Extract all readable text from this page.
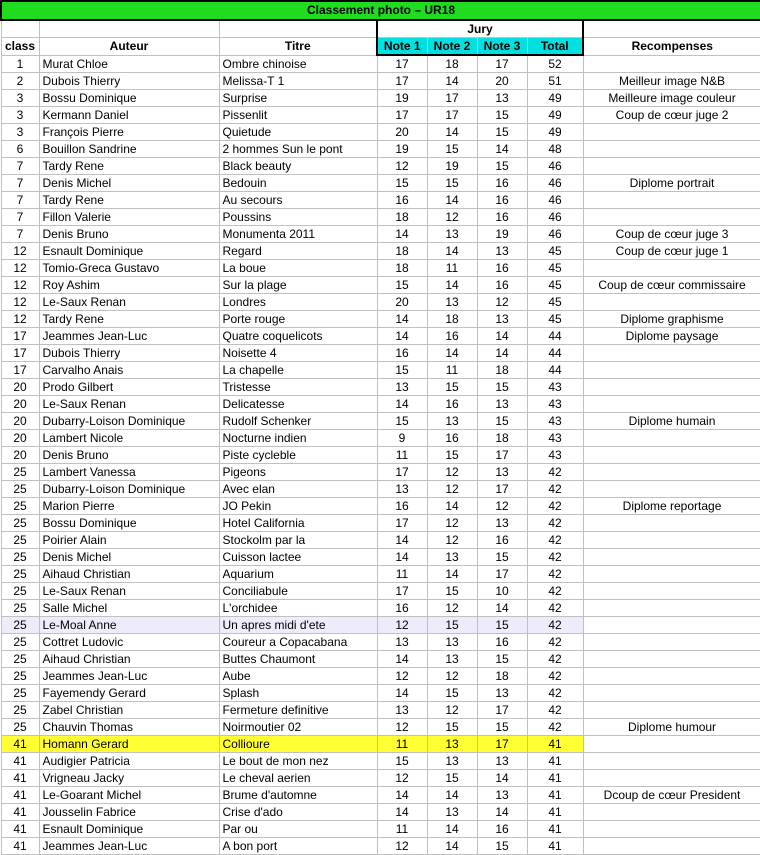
Classement photo – UR18							
			Jury				
class	Auteur	Titre	Note 1	Note 2	Note 3	Total	Recompenses
1	Murat Chloe	Ombre chinoise	17	18	17	52	
2	Dubois Thierry	Melissa-T 1	17	14	20	51	Meilleur image N&B
3	Bossu Dominique	Surprise	19	17	13	49	Meilleure image couleur
3	Kermann Daniel	Pissenlit	17	17	15	49	Coup de cœur juge 2
3	François Pierre	Quietude	20	14	15	49	
6	Bouillon Sandrine	2 hommes Sun le pont	19	15	14	48	
7	Tardy Rene	Black beauty	12	19	15	46	
7	Denis Michel	Bedouin	15	15	16	46	Diplome portrait
7	Tardy Rene	Au secours	16	14	16	46	
7	Fillon Valerie	Poussins	18	12	16	46	
7	Denis Bruno	Monumenta 2011	14	13	19	46	Coup de cœur juge 3
12	Esnault Dominique	Regard	18	14	13	45	Coup de cœur juge 1
12	Tomio-Greca Gustavo	La boue	18	11	16	45	
12	Roy Ashim	Sur la plage	15	14	16	45	Coup de cœur commissaire
12	Le-Saux Renan	Londres	20	13	12	45	
12	Tardy Rene	Porte rouge	14	18	13	45	Diplome graphisme
17	Jeammes Jean-Luc	Quatre coquelicots	14	16	14	44	Diplome paysage
17	Dubois Thierry	Noisette 4	16	14	14	44	
17	Carvalho Anais	La chapelle	15	11	18	44	
20	Prodo Gilbert	Tristesse	13	15	15	43	
20	Le-Saux Renan	Delicatesse	14	16	13	43	
20	Dubarry-Loison Dominique	Rudolf Schenker	15	13	15	43	Diplome humain
20	Lambert Nicole	Nocturne indien	9	16	18	43	
20	Denis Bruno	Piste cycleble	11	15	17	43	
25	Lambert Vanessa	Pigeons	17	12	13	42	
25	Dubarry-Loison Dominique	Avec elan	13	12	17	42	
25	Marion Pierre	JO Pekin	16	14	12	42	Diplome reportage
25	Bossu Dominique	Hotel California	17	12	13	42	
25	Poirier Alain	Stockolm par la	14	12	16	42	
25	Denis Michel	Cuisson lactee	14	13	15	42	
25	Aihaud Christian	Aquarium	11	14	17	42	
25	Le-Saux Renan	Conciliabule	17	15	10	42	
25	Salle Michel	L'orchidee	16	12	14	42	
25	Le-Moal Anne	Un apres midi d'ete	12	15	15	42	
25	Cottret Ludovic	Coureur a Copacabana	13	13	16	42	
25	Aihaud Christian	Buttes Chaumont	14	13	15	42	
25	Jeammes Jean-Luc	Aube	12	12	18	42	
25	Fayemendy Gerard	Splash	14	15	13	42	
25	Zabel Christian	Fermeture definitive	13	12	17	42	
25	Chauvin Thomas	Noirmoutier 02	12	15	15	42	Diplome humour
41	Homann Gerard	Collioure	11	13	17	41	
41	Audigier Patricia	Le bout de mon nez	15	13	13	41	
41	Vrigneau Jacky	Le cheval aerien	12	15	14	41	
41	Le-Goarant Michel	Brume d'automne	14	14	13	41	Dcoup de cœur President
41	Jousselin Fabrice	Crise d'ado	14	13	14	41	
41	Esnault Dominique	Par ou	11	14	16	41	
41	Jeammes Jean-Luc	A bon port	12	14	15	41	
